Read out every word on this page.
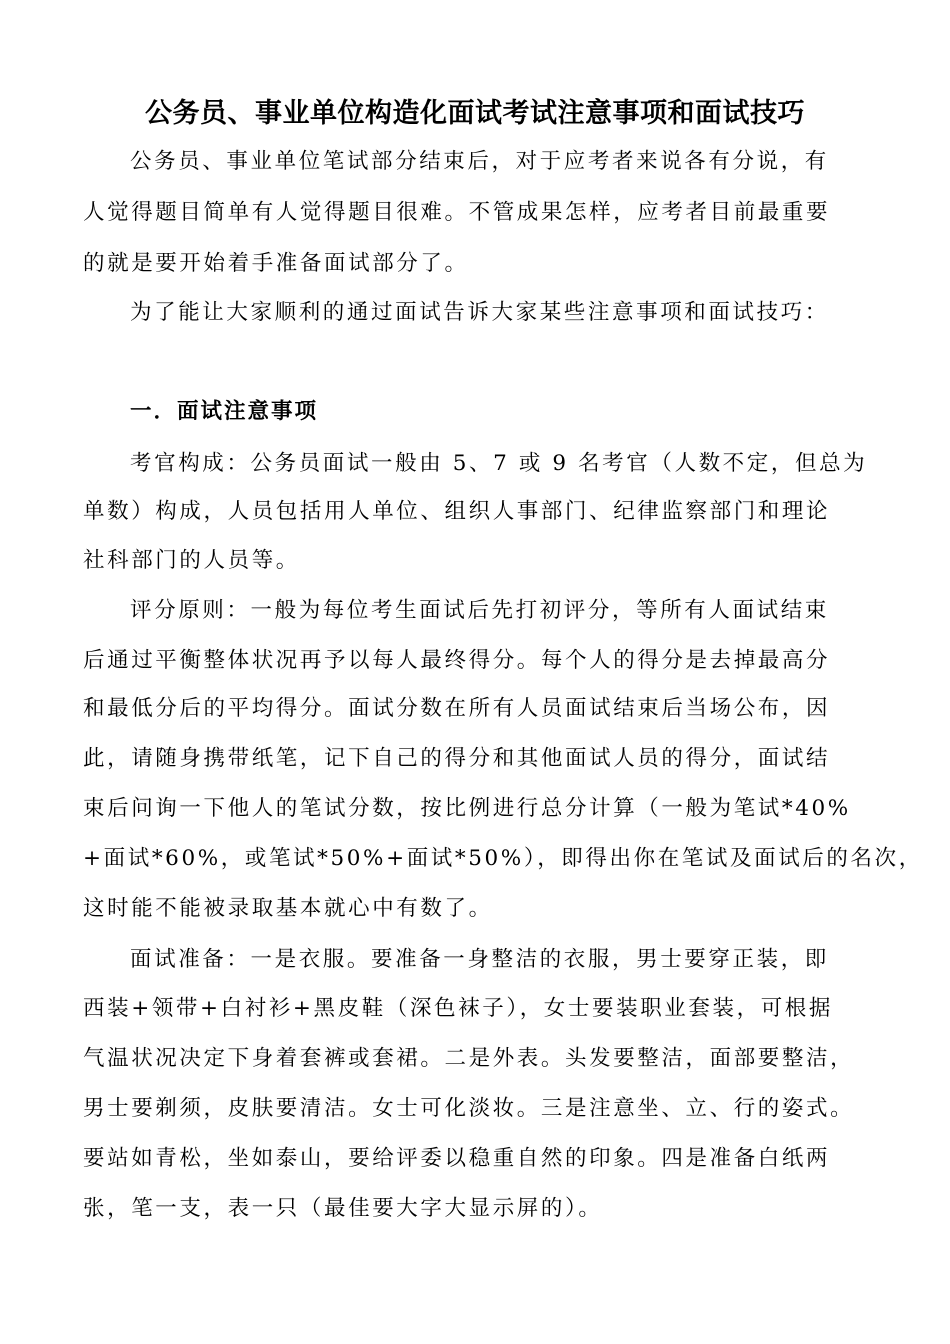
公务员、事业单位构造化面试考试注意事项和面试技巧
公务员、事业单位笔试部分结束后，对于应考者来说各有分说，有
人觉得题目简单有人觉得题目很难。不管成果怎样，应考者目前最重要
的就是要开始着手准备面试部分了。
为了能让大家顺利的通过面试告诉大家某些注意事项和面试技巧：
一．面试注意事项
考官构成：公务员面试一般由 5、7 或 9 名考官（人数不定，但总为
单数）构成，人员包括用人单位、组织人事部门、纪律监察部门和理论
社科部门的人员等。
评分原则：一般为每位考生面试后先打初评分，等所有人面试结束
后通过平衡整体状况再予以每人最终得分。每个人的得分是去掉最高分
和最低分后的平均得分。面试分数在所有人员面试结束后当场公布，因
此，请随身携带纸笔，记下自己的得分和其他面试人员的得分，面试结
束后问询一下他人的笔试分数，按比例进行总分计算（一般为笔试*40%
+面试*60%，或笔试*50%+面试*50%），即得出你在笔试及面试后的名次，
这时能不能被录取基本就心中有数了。
面试准备：一是衣服。要准备一身整洁的衣服，男士要穿正装，即
西装+领带+白衬衫+黑皮鞋（深色袜子），女士要装职业套装，可根据
气温状况决定下身着套裤或套裙。二是外表。头发要整洁，面部要整洁，
男士要剃须，皮肤要清洁。女士可化淡妆。三是注意坐、立、行的姿式。
要站如青松，坐如泰山，要给评委以稳重自然的印象。四是准备白纸两
张，笔一支，表一只（最佳要大字大显示屏的）。
